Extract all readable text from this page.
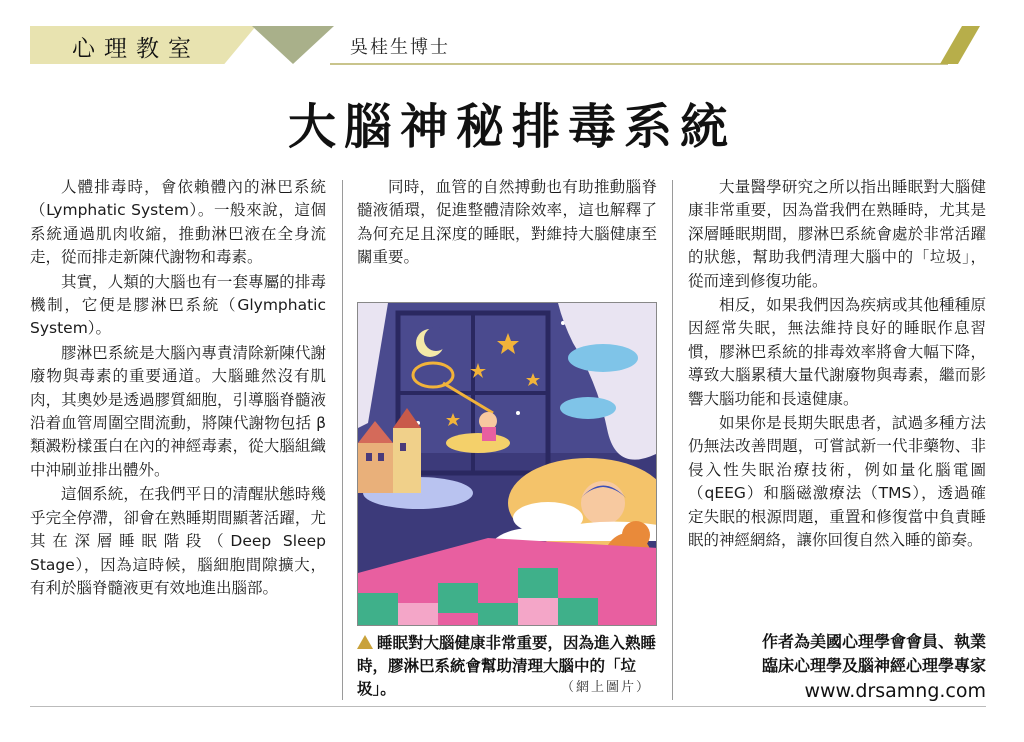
心理教室	吳桂生博士
大腦神秘排毒系統

人體排毒時，會依賴體內的淋巴系統（Lymphatic System）。一般來說，這個系統通過肌肉收縮，推動淋巴液在全身流走，從而排走新陳代謝物和毒素。

其實，人類的大腦也有一套專屬的排毒機制，它便是膠淋巴系統（Glymphatic System）。

膠淋巴系統是大腦內專責清除新陳代謝廢物與毒素的重要通道。大腦雖然沒有肌肉，其奧妙是透過膠質細胞，引導腦脊髓液沿着血管周圍空間流動，將陳代謝物包括 β 類澱粉樣蛋白在內的神經毒素，從大腦組織中沖刷並排出體外。

這個系統，在我們平日的清醒狀態時幾乎完全停滯，卻會在熟睡期間顯著活躍，尤其在深層睡眠階段（Deep Sleep Stage），因為這時候，腦細胞間隙擴大，有利於腦脊髓液更有效地進出腦部。

同時，血管的自然搏動也有助推動腦脊髓液循環，促進整體清除效率，這也解釋了為何充足且深度的睡眠，對維持大腦健康至關重要。

睡眠對大腦健康非常重要，因為進入熟睡時，膠淋巴系統會幫助清理大腦中的「垃圾」。	（網上圖片）

大量醫學研究之所以指出睡眠對大腦健康非常重要，因為當我們在熟睡時，尤其是深層睡眠期間，膠淋巴系統會處於非常活躍的狀態，幫助我們清理大腦中的「垃圾」，從而達到修復功能。

相反，如果我們因為疾病或其他種種原因經常失眠，無法維持良好的睡眠作息習慣，膠淋巴系統的排毒效率將會大幅下降，導致大腦累積大量代謝廢物與毒素，繼而影響大腦功能和長遠健康。

如果你是長期失眠患者，試過多種方法仍無法改善問題，可嘗試新一代非藥物、非侵入性失眠治療技術，例如量化腦電圖（qEEG）和腦磁激療法（TMS），透過確定失眠的根源問題，重置和修復當中負責睡眠的神經網絡，讓你回復自然入睡的節奏。

作者為美國心理學會會員、執業
臨床心理學及腦神經心理學專家
www.drsamng.com
